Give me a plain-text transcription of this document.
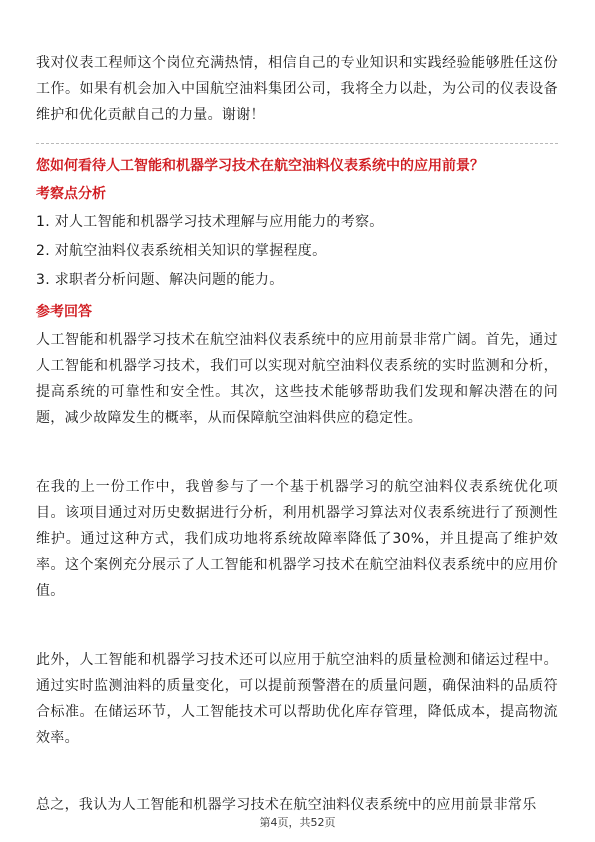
我对仪表工程师这个岗位充满热情，相信自己的专业知识和实践经验能够胜任这份工作。如果有机会加入中国航空油料集团公司，我将全力以赴，为公司的仪表设备维护和优化贡献自己的力量。谢谢！

您如何看待人工智能和机器学习技术在航空油料仪表系统中的应用前景？

考察点分析

1. 对人工智能和机器学习技术理解与应用能力的考察。
2. 对航空油料仪表系统相关知识的掌握程度。
3. 求职者分析问题、解决问题的能力。

参考回答

人工智能和机器学习技术在航空油料仪表系统中的应用前景非常广阔。首先，通过人工智能和机器学习技术，我们可以实现对航空油料仪表系统的实时监测和分析，提高系统的可靠性和安全性。其次，这些技术能够帮助我们发现和解决潜在的问题，减少故障发生的概率，从而保障航空油料供应的稳定性。

在我的上一份工作中，我曾参与了一个基于机器学习的航空油料仪表系统优化项目。该项目通过对历史数据进行分析，利用机器学习算法对仪表系统进行了预测性维护。通过这种方式，我们成功地将系统故障率降低了30%，并且提高了维护效率。这个案例充分展示了人工智能和机器学习技术在航空油料仪表系统中的应用价值。

此外，人工智能和机器学习技术还可以应用于航空油料的质量检测和储运过程中。通过实时监测油料的质量变化，可以提前预警潜在的质量问题，确保油料的品质符合标准。在储运环节，人工智能技术可以帮助优化库存管理，降低成本，提高物流效率。

总之，我认为人工智能和机器学习技术在航空油料仪表系统中的应用前景非常乐

第4页，共52页
